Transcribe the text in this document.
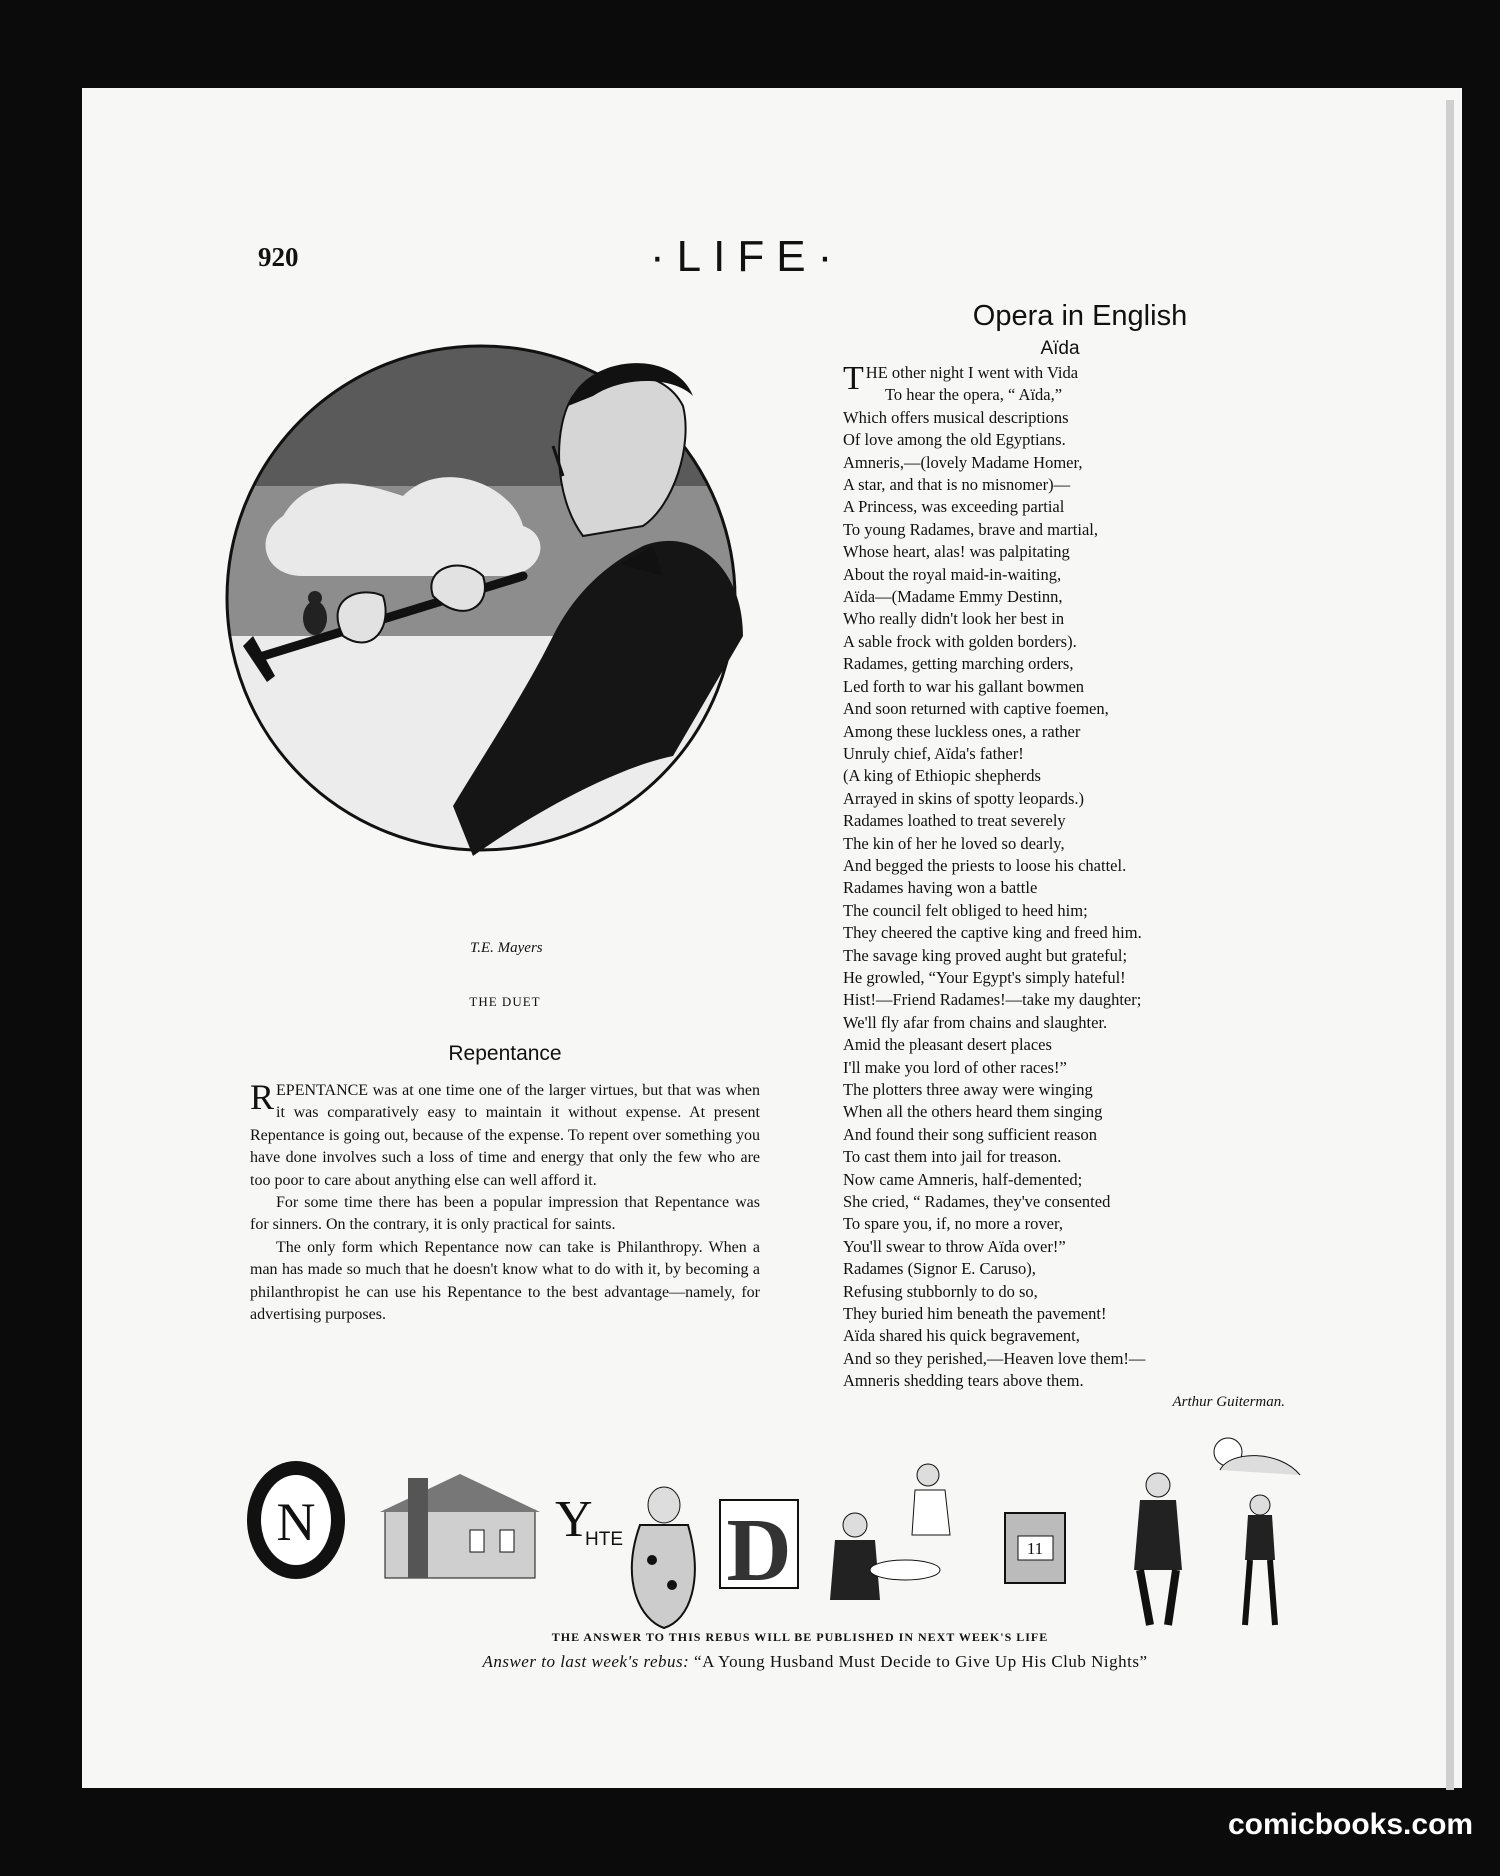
920	·LIFE·
T.E. Mayers
THE DUET
Repentance

REPENTANCE was at one time one of the larger virtues, but that was when it was comparatively easy to maintain it without expense. At present Repentance is going out, because of the expense. To repent over something you have done involves such a loss of time and energy that only the few who are too poor to care about anything else can well afford it.

For some time there has been a popular impression that Repentance was for sinners. On the contrary, it is only practical for saints.

The only form which Repentance now can take is Philanthropy. When a man has made so much that he doesn't know what to do with it, by becoming a philanthropist he can use his Repentance to the best advantage—namely, for advertising purposes.

Opera in English
Aïda
THE other night I went with Vida
To hear the opera, “ Aïda,”
Which offers musical descriptions
Of love among the old Egyptians.
Amneris,—(lovely Madame Homer,
A star, and that is no misnomer)—
A Princess, was exceeding partial
To young Radames, brave and martial,
Whose heart, alas! was palpitating
About the royal maid-in-waiting,
Aïda—(Madame Emmy Destinn,
Who really didn't look her best in
A sable frock with golden borders).
Radames, getting marching orders,
Led forth to war his gallant bowmen
And soon returned with captive foemen,
Among these luckless ones, a rather
Unruly chief, Aïda's father!
(A king of Ethiopic shepherds
Arrayed in skins of spotty leopards.)
Radames loathed to treat severely
The kin of her he loved so dearly,
And begged the priests to loose his chattel.
Radames having won a battle
The council felt obliged to heed him;
They cheered the captive king and freed him.
The savage king proved aught but grateful;
He growled, “Your Egypt's simply hateful!
Hist!—Friend Radames!—take my daughter;
We'll fly afar from chains and slaughter.
Amid the pleasant desert places
I'll make you lord of other races!”
The plotters three away were winging
When all the others heard them singing
And found their song sufficient reason
To cast them into jail for treason.
Now came Amneris, half-demented;
She cried, “ Radames, they've consented
To spare you, if, no more a rover,
You'll swear to throw Aïda over!”
Radames (Signor E. Caruso),
Refusing stubbornly to do so,
They buried him beneath the pavement!
Aïda shared his quick begravement,
And so they perished,—Heaven love them!—
Amneris shedding tears above them.
Arthur Guiterman.
N	Y
HTE D	11
THE ANSWER TO THIS REBUS WILL BE PUBLISHED IN NEXT WEEK'S LIFE
Answer to last week's rebus: “A Young Husband Must Decide to Give Up His Club Nights”
comicbooks.com
